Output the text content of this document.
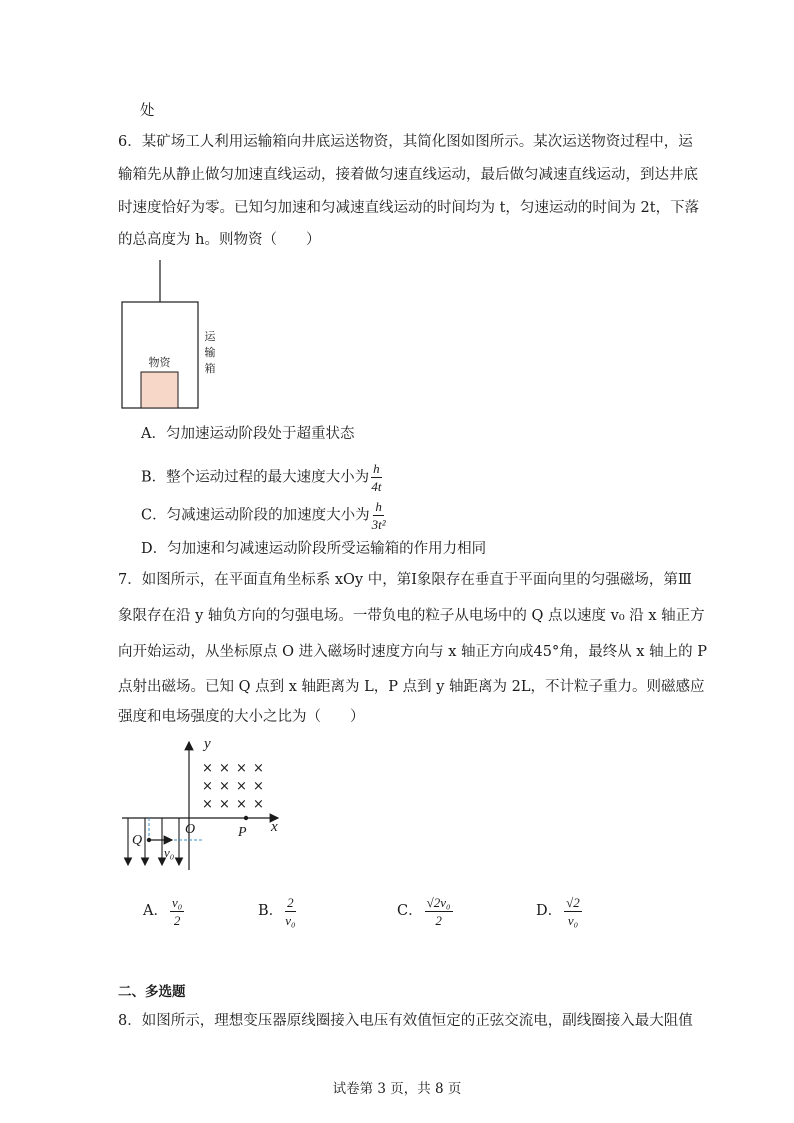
处
6．某矿场工人利用运输箱向井底运送物资，其简化图如图所示。某次运送物资过程中，运
输箱先从静止做匀加速直线运动，接着做匀速直线运动，最后做匀减速直线运动，到达井底
时速度恰好为零。已知匀加速和匀减速直线运动的时间均为 t，匀速运动的时间为 2t，下落
的总高度为 h。则物资（　　）
物资
运
输
箱
A．匀加速运动阶段处于超重状态
B．整个运动过程的最大速度大小为 $\frac{h}{4t}$
C．匀减速运动阶段的加速度大小为 $\frac{h}{\text{3t²}}$
D．匀加速和匀减速运动阶段所受运输箱的作用力相同
7．如图所示，在平面直角坐标系 xOy 中，第Ⅰ象限存在垂直于平面向里的匀强磁场，第Ⅲ
象限存在沿 y 轴负方向的匀强电场。一带负电的粒子从电场中的 Q 点以速度 v₀ 沿 x 轴正方
向开始运动，从坐标原点 O 进入磁场时速度方向与 x 轴正方向成45°角，最终从 x 轴上的 P
点射出磁场。已知 Q 点到 x 轴距离为 L，P 点到 y 轴距离为 2L，不计粒子重力。则磁感应
强度和电场强度的大小之比为（　　）
y
x
O	P
× × × ×
× × × ×
× × × ×
Q
v₀
A． $\frac{\text{v₀}}{2}$	B． $\frac{2}{\text{v₀}}$	C． $\frac{\text{√2v₀}}{2}$	D． $\frac{√2}{\text{v₀}}$
二、多选题
8．如图所示，理想变压器原线圈接入电压有效值恒定的正弦交流电，副线圈接入最大阻值
试卷第 3 页，共 8 页
